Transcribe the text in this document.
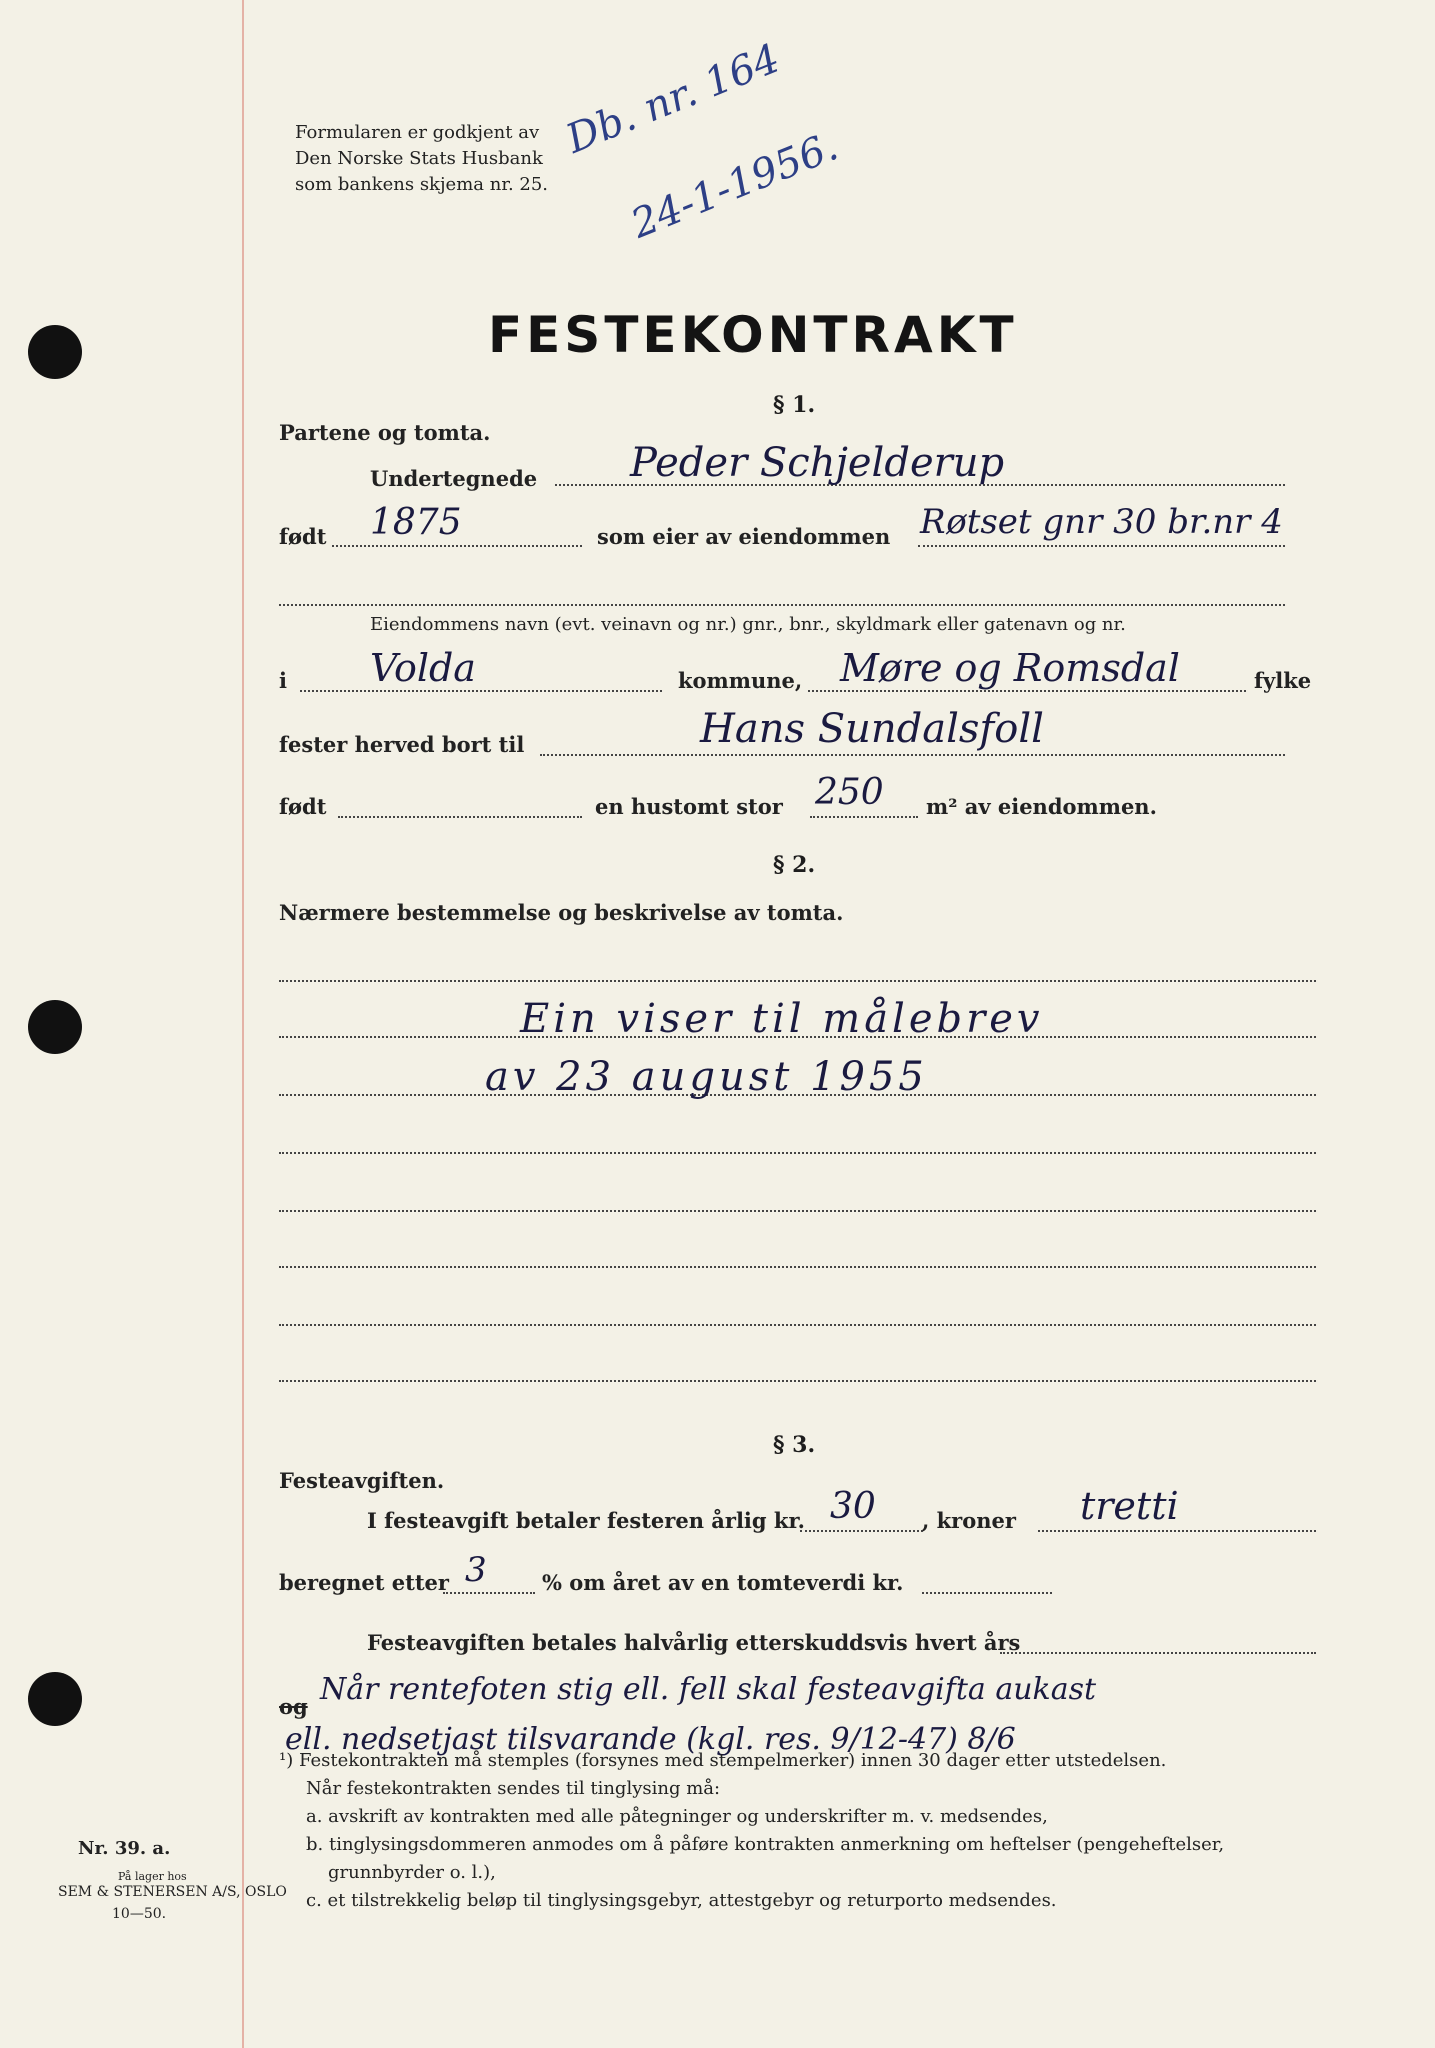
Formularen er godkjent av
Den Norske Stats Husbank
som bankens skjema nr. 25.
Db. nr. 164
24-1-1956.
FESTEKONTRAKT
§ 1.
Partene og tomta.
Undertegnede Peder Schjelderup
født 1875	som eier av eiendommen Røtset gnr 30 br.nr 4
Eiendommens navn (evt. veinavn og nr.) gnr., bnr., skyldmark eller gatenavn og nr.
i Volda	kommune, Møre og Romsdal	fylke
fester herved bort til	Hans Sundalsfoll
født	en hustomt stor 250 m² av eiendommen.
§ 2.
Nærmere bestemmelse og beskrivelse av tomta.
Ein viser til målebrev
av 23 august 1955
§ 3.
Festeavgiften.
I festeavgift betaler festeren årlig kr. 30 , kroner tretti
beregnet etter 3	% om året av en tomteverdi kr.
Festeavgiften betales halvårlig etterskuddsvis hvert års
og Når rentefoten stig ell. fell skal festeavgifta aukast
ell. nedsetjast tilsvarande (kgl. res. 9/12-47) 8/6
¹) Festekontrakten må stemples (forsynes med stempelmerker) innen 30 dager etter utstedelsen.
Når festekontrakten sendes til tinglysing må:
a. avskrift av kontrakten med alle påtegninger og underskrifter m. v. medsendes,
b. tinglysingsdommeren anmodes om å påføre kontrakten anmerkning om heftelser (pengeheftelser,
grunnbyrder o. l.),
c. et tilstrekkelig beløp til tinglysingsgebyr, attestgebyr og returporto medsendes.
Nr. 39. a.
På lager hos
SEM & STENERSEN A/S, OSLO
10—50.
